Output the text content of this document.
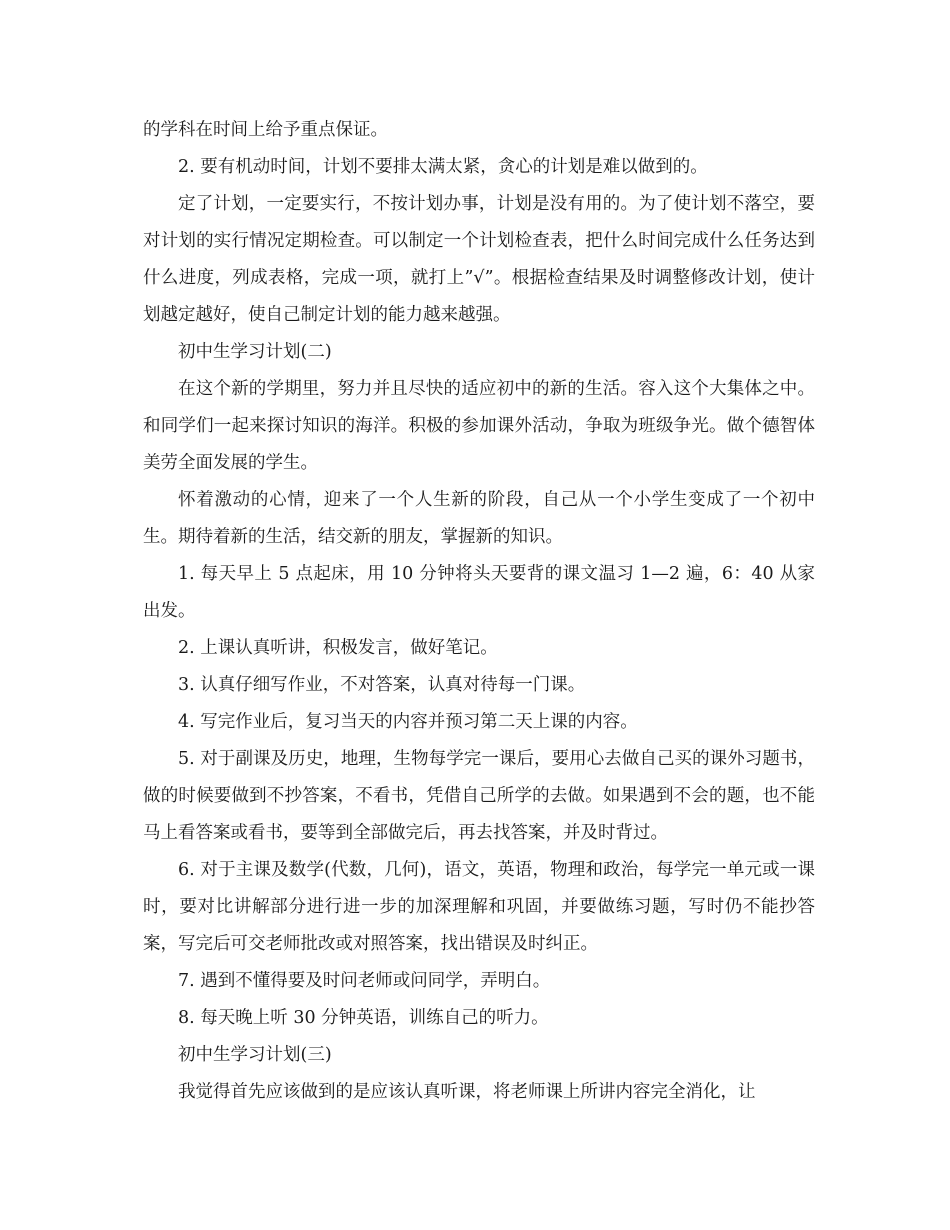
的学科在时间上给予重点保证。

2. 要有机动时间，计划不要排太满太紧，贪心的计划是难以做到的。

定了计划，一定要实行，不按计划办事，计划是没有用的。为了使计划不落空，要对计划的实行情况定期检查。可以制定一个计划检查表，把什么时间完成什么任务达到什么进度，列成表格，完成一项，就打上”√”。根据检查结果及时调整修改计划，使计划越定越好，使自己制定计划的能力越来越强。

初中生学习计划(二)

在这个新的学期里，努力并且尽快的适应初中的新的生活。容入这个大集体之中。和同学们一起来探讨知识的海洋。积极的参加课外活动，争取为班级争光。做个德智体美劳全面发展的学生。

怀着激动的心情，迎来了一个人生新的阶段，自己从一个小学生变成了一个初中生。期待着新的生活，结交新的朋友，掌握新的知识。

1. 每天早上 5 点起床，用 10 分钟将头天要背的课文温习 1—2 遍，6：40 从家出发。

2. 上课认真听讲，积极发言，做好笔记。

3. 认真仔细写作业，不对答案，认真对待每一门课。

4. 写完作业后，复习当天的内容并预习第二天上课的内容。

5. 对于副课及历史，地理，生物每学完一课后，要用心去做自己买的课外习题书，做的时候要做到不抄答案，不看书，凭借自己所学的去做。如果遇到不会的题，也不能马上看答案或看书，要等到全部做完后，再去找答案，并及时背过。

6. 对于主课及数学(代数，几何)，语文，英语，物理和政治，每学完一单元或一课时，要对比讲解部分进行进一步的加深理解和巩固，并要做练习题，写时仍不能抄答案，写完后可交老师批改或对照答案，找出错误及时纠正。

7. 遇到不懂得要及时问老师或问同学，弄明白。

8. 每天晚上听 30 分钟英语，训练自己的听力。

初中生学习计划(三)

我觉得首先应该做到的是应该认真听课，将老师课上所讲内容完全消化，让
